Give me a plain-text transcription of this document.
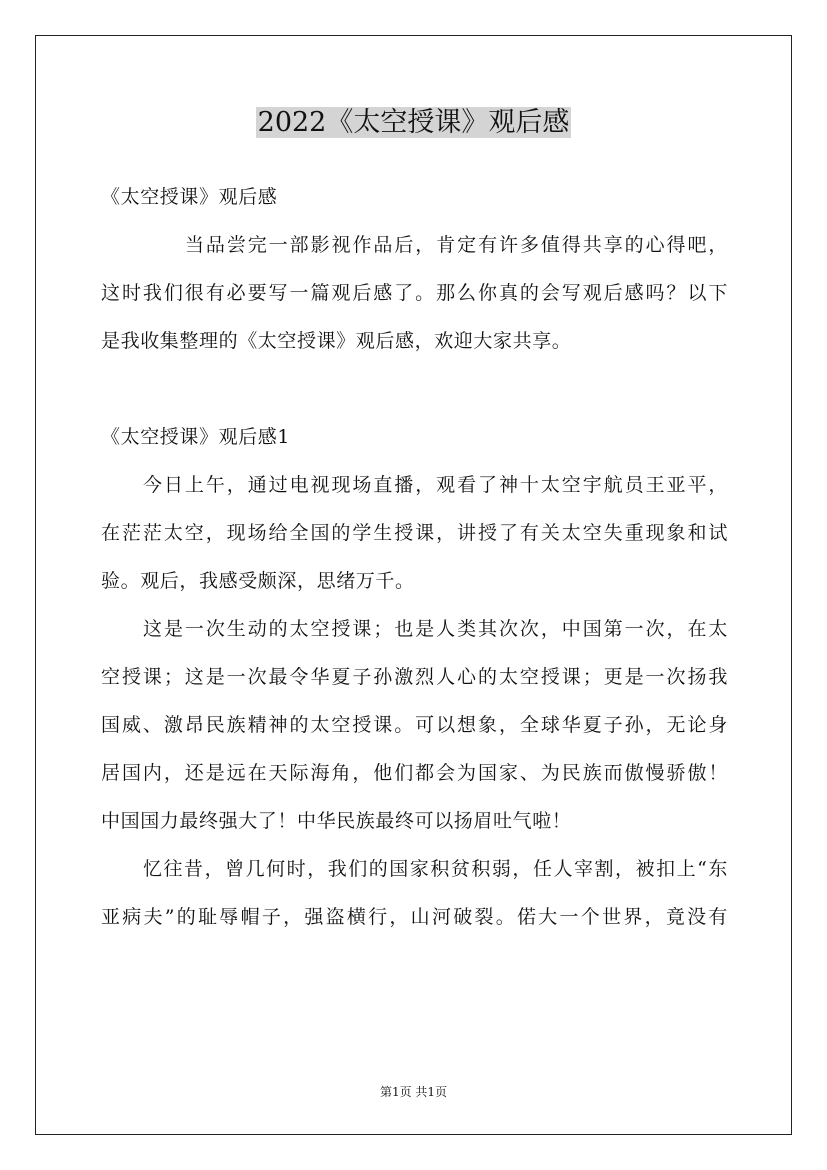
2022《太空授课》观后感

《太空授课》观后感

当品尝完一部影视作品后，肯定有许多值得共享的心得吧，

这时我们很有必要写一篇观后感了。那么你真的会写观后感吗？以下

是我收集整理的《太空授课》观后感，欢迎大家共享。

《太空授课》观后感1

今日上午，通过电视现场直播，观看了神十太空宇航员王亚平，

在茫茫太空，现场给全国的学生授课，讲授了有关太空失重现象和试

验。观后，我感受颇深，思绪万千。

这是一次生动的太空授课；也是人类其次次，中国第一次，在太

空授课；这是一次最令华夏子孙激烈人心的太空授课；更是一次扬我

国威、激昂民族精神的太空授课。可以想象，全球华夏子孙，无论身

居国内，还是远在天际海角，他们都会为国家、为民族而傲慢骄傲！

中国国力最终强大了！中华民族最终可以扬眉吐气啦！

忆往昔，曾几何时，我们的国家积贫积弱，任人宰割，被扣上“东

亚病夫”的耻辱帽子，强盗横行，山河破裂。偌大一个世界，竟没有

第1页 共1页
